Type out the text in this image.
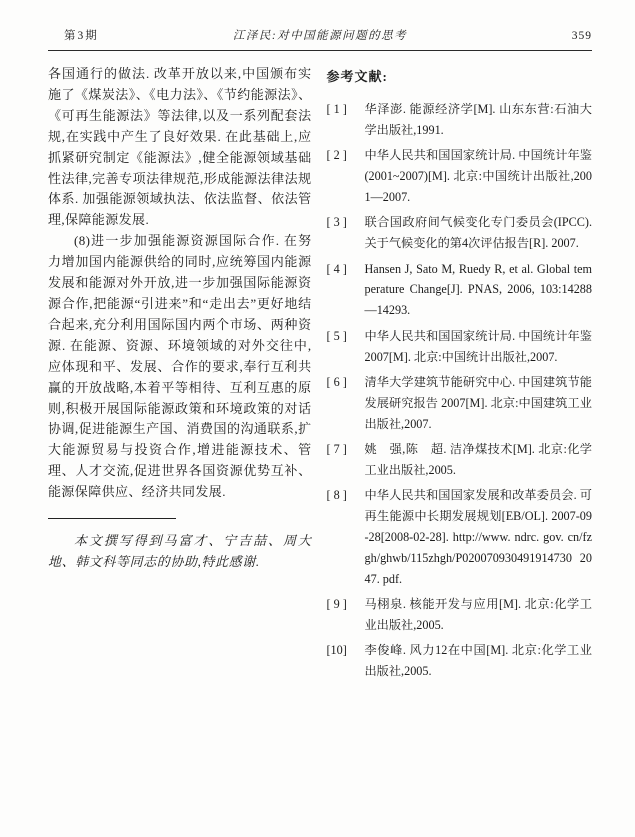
第3期	江泽民:对中国能源问题的思考	359

各国通行的做法. 改革开放以来,中国颁布实施了《煤炭法》、《电力法》、《节约能源法》、《可再生能源法》等法律,以及一系列配套法规,在实践中产生了良好效果. 在此基础上,应抓紧研究制定《能源法》,健全能源领域基础性法律,完善专项法律规范,形成能源法律法规体系. 加强能源领域执法、依法监督、依法管理,保障能源发展.

(8)进一步加强能源资源国际合作. 在努力增加国内能源供给的同时,应统筹国内能源发展和能源对外开放,进一步加强国际能源资源合作,把能源“引进来”和“走出去”更好地结合起来,充分利用国际国内两个市场、两种资源. 在能源、资源、环境领域的对外交往中,应体现和平、发展、合作的要求,奉行互利共赢的开放战略,本着平等相待、互利互惠的原则,积极开展国际能源政策和环境政策的对话协调,促进能源生产国、消费国的沟通联系,扩大能源贸易与投资合作,增进能源技术、管理、人才交流,促进世界各国资源优势互补、能源保障供应、经济共同发展.

本文撰写得到马富才、宁吉喆、周大地、韩文科等同志的协助,特此感谢.

参考文献:
[ 1 ]	华泽澎. 能源经济学[M]. 山东东营:石油大学出版社,1991.
[ 2 ]	中华人民共和国国家统计局. 中国统计年鉴(2001~2007)[M]. 北京:中国统计出版社,2001—2007.
[ 3 ]	联合国政府间气候变化专门委员会(IPCC). 关于气候变化的第4次评估报告[R]. 2007.
[ 4 ]	Hansen J, Sato M, Ruedy R, et al. Global temperature Change[J]. PNAS, 2006, 103:14288—14293.
[ 5 ]	中华人民共和国国家统计局. 中国统计年鉴 2007[M]. 北京:中国统计出版社,2007.
[ 6 ]	清华大学建筑节能研究中心. 中国建筑节能发展研究报告 2007[M]. 北京:中国建筑工业出版社,2007.
[ 7 ]	姚　强,陈　超. 洁净煤技术[M]. 北京:化学工业出版社,2005.
[ 8 ]	中华人民共和国国家发展和改革委员会. 可再生能源中长期发展规划[EB/OL]. 2007-09-28[2008-02-28]. http://www. ndrc. gov. cn/fzgh/ghwb/115zhgh/P020070930491914730 2047. pdf.
[ 9 ]	马栩泉. 核能开发与应用[M]. 北京:化学工业出版社,2005.
[10]	李俊峰. 风力12在中国[M]. 北京:化学工业出版社,2005.
